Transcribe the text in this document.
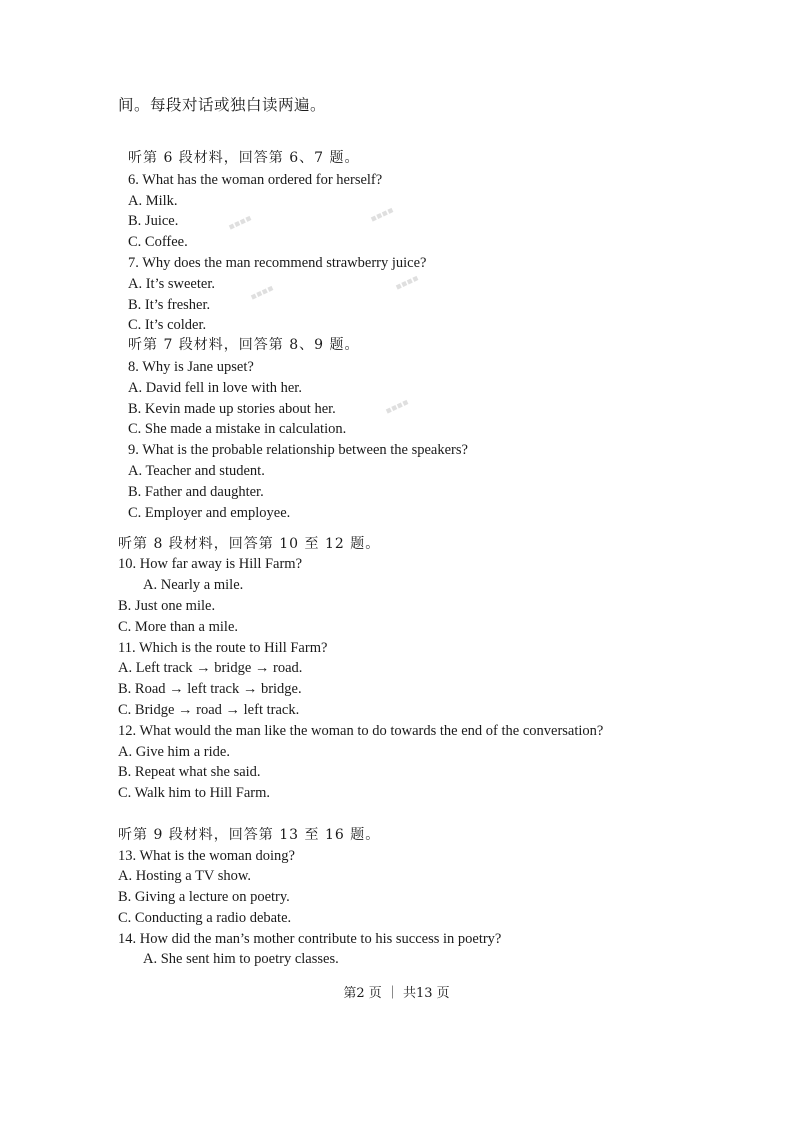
▪▪▪▪	▪▪▪▪
▪▪▪▪
▪▪▪▪
▪▪▪▪
间。每段对话或独白读两遍。
听第 6 段材料，回答第 6、7 题。
6. What has the woman ordered for herself?
A. Milk.
B. Juice.
C. Coffee.
7. Why does the man recommend strawberry juice?
A. It’s sweeter.
B. It’s fresher.
C. It’s colder.
听第 7 段材料，回答第 8、9 题。
8. Why is Jane upset?
A. David fell in love with her.
B. Kevin made up stories about her.
C. She made a mistake in calculation.
9. What is the probable relationship between the speakers?
A. Teacher and student.
B. Father and daughter.
C. Employer and employee.
听第 8 段材料，回答第 10 至 12 题。
10. How far away is Hill Farm?
A. Nearly a mile.
B. Just one mile.
C. More than a mile.
11. Which is the route to Hill Farm?
A. Left track → bridge → road.
B. Road → left track → bridge.
C. Bridge → road → left track.
12. What would the man like the woman to do towards the end of the conversation?
A. Give him a ride.
B. Repeat what she said.
C. Walk him to Hill Farm.
听第 9 段材料，回答第 13 至 16 题。
13. What is the woman doing?
A. Hosting a TV show.
B. Giving a lecture on poetry.
C. Conducting a radio debate.
14. How did the man’s mother contribute to his success in poetry?
A. She sent him to poetry classes.
第2 页 ｜ 共13 页
